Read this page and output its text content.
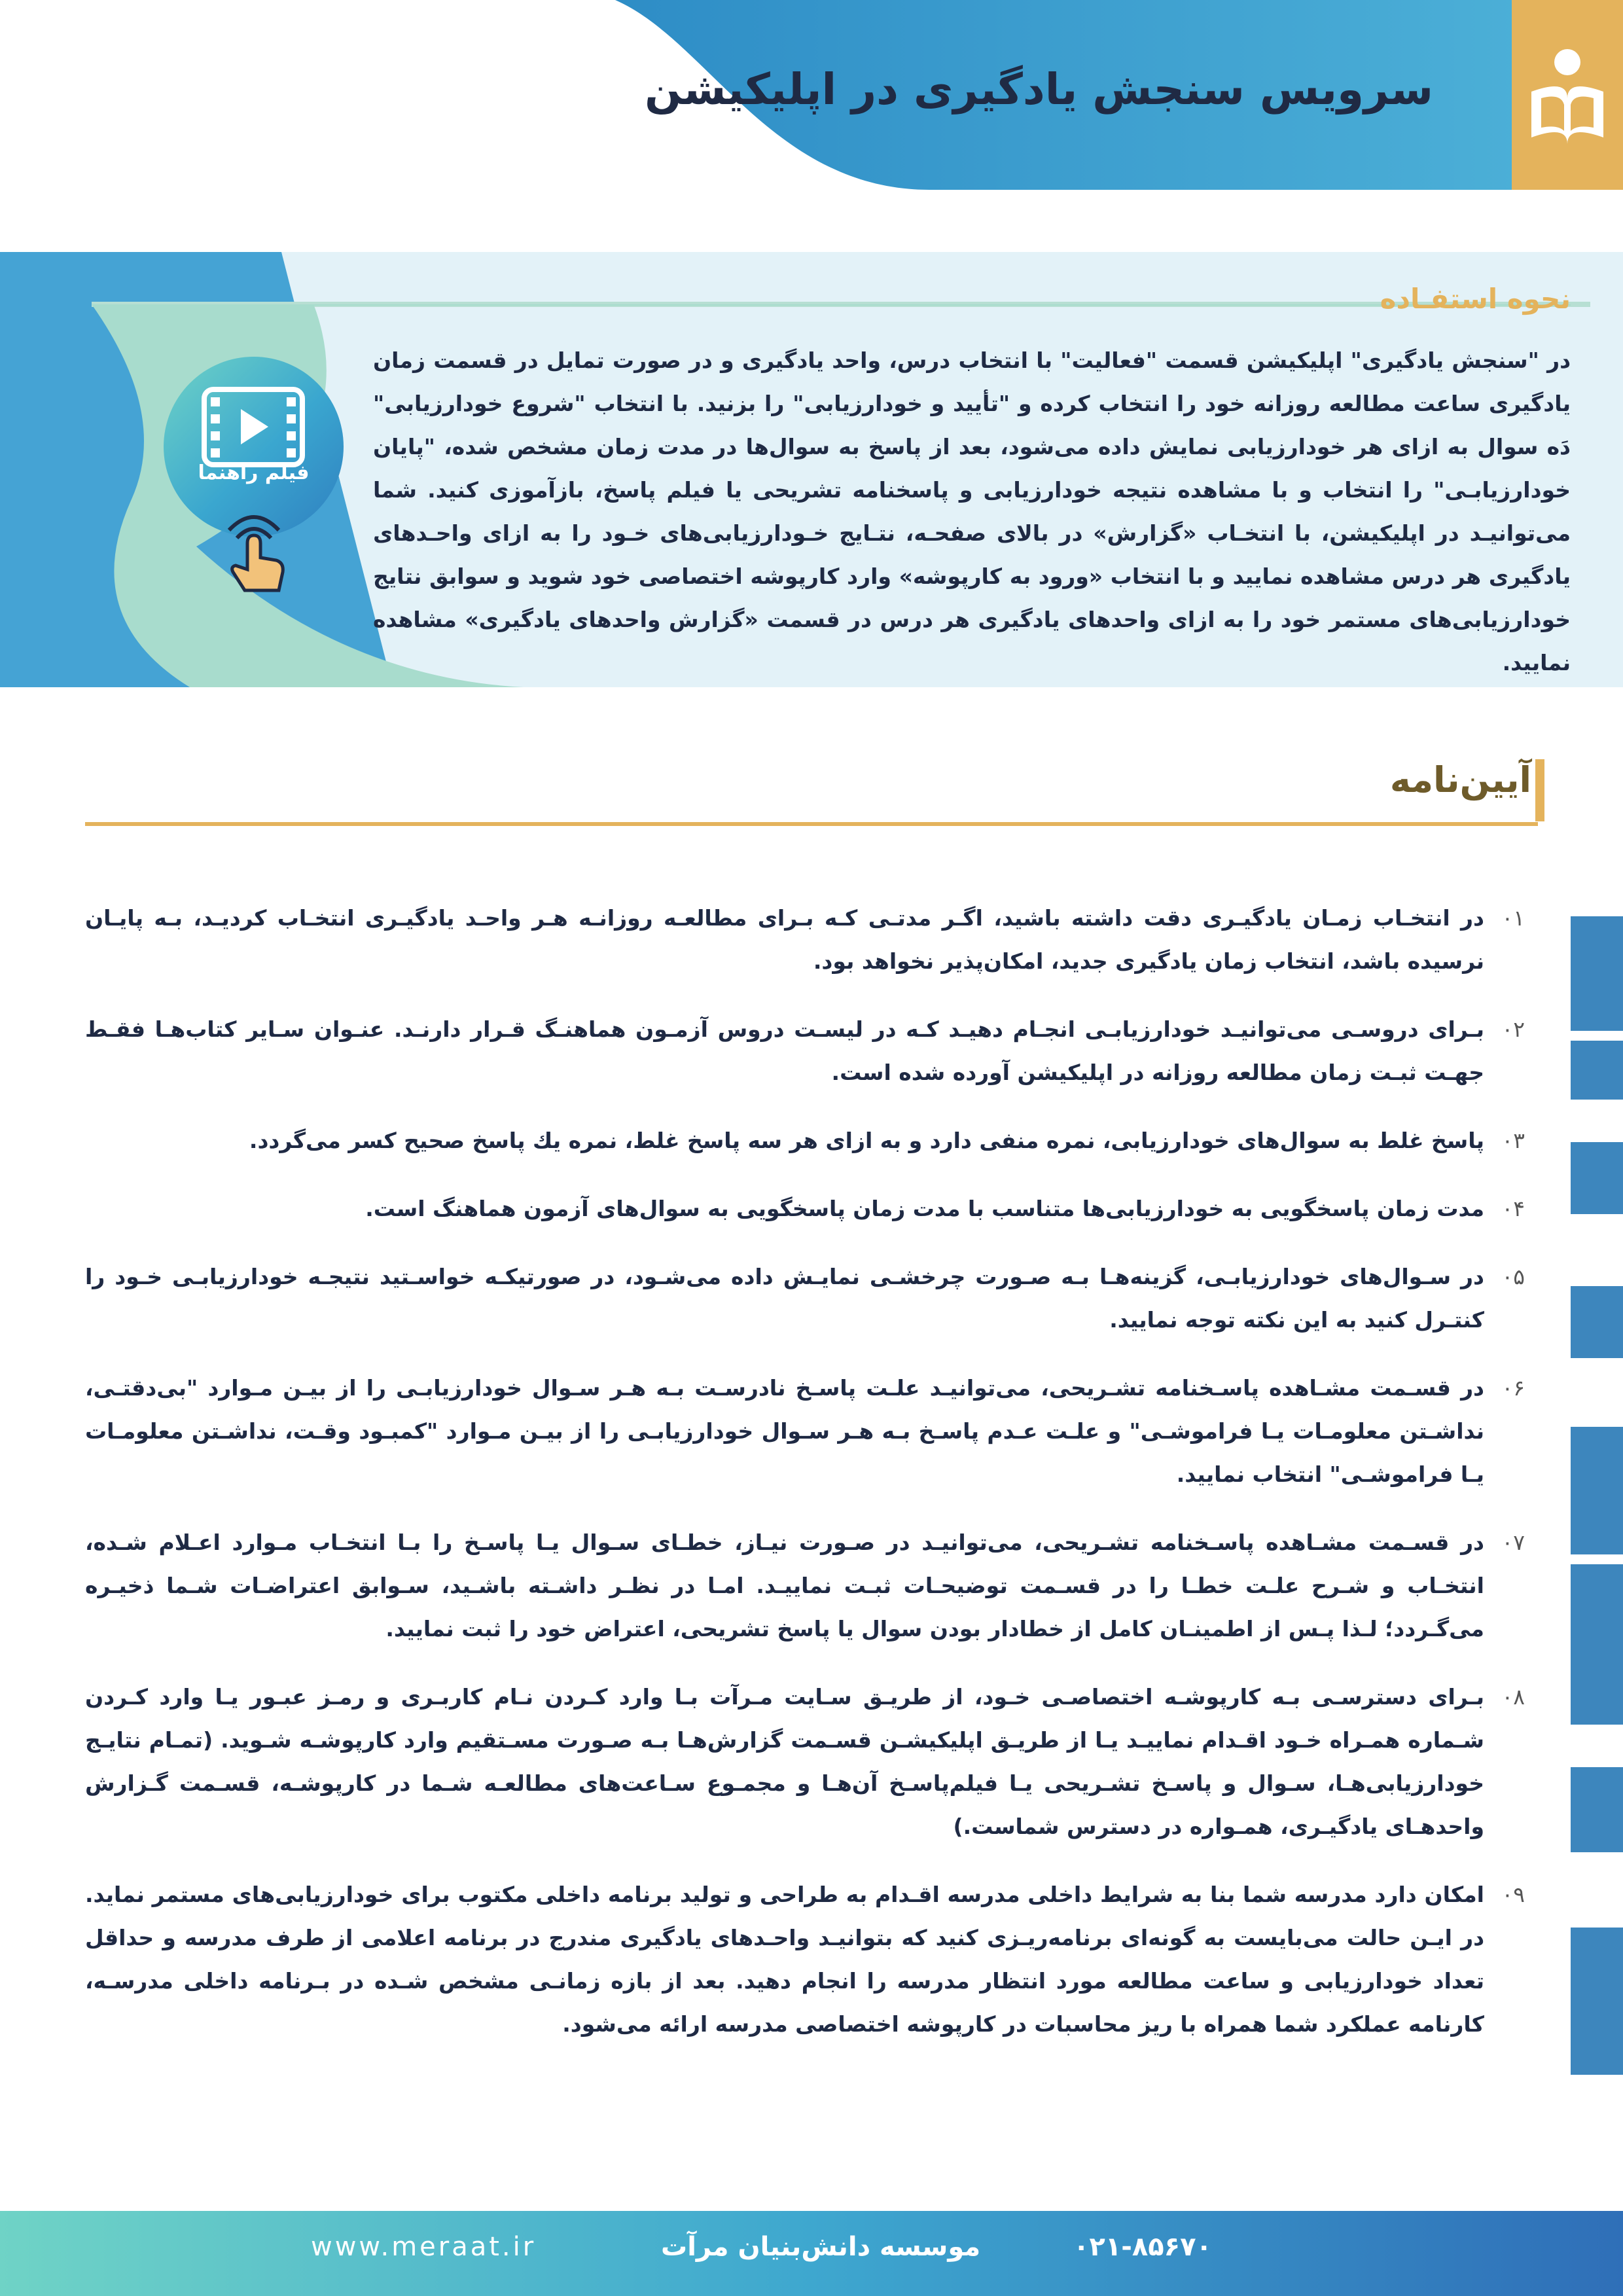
سرویس سنجش یادگیری در اپلیکیشن
نحوه استفـاده
در "سنجش یادگیری" اپلیکیشن قسمت "فعالیت" با انتخاب درس، واحد یادگیری و در صورت تمایل در قسمت زمان یادگیری ساعت مطالعه روزانه خود را انتخاب کرده و "تأیید و خودارزیابی" را بزنید. با انتخاب "شروع خودارزیابی" دَه سوال به ازای هر خودارزیابی نمایش داده می‌شود، بعد از پاسخ به سوال‌ها در مدت زمان مشخص شده، "پایان خودارزیابـی" را انتخاب و با مشاهده نتیجه خودارزیابی و پاسخنامه تشریحی یا فیلم پاسخ، بازآموزی کنید. شما می‌توانیـد در اپلیکیشن، با انتخـاب «گزارش» در بالای صفحـه، نتـایج خـودارزیابی‌های خـود را به ازای واحـدهای یادگیری هر درس مشاهده نمایید و با انتخاب «ورود به کارپوشه» وارد کارپوشه اختصاصی خود شوید و سوابق نتایج خودارزیابی‌های مستمر خود را به ازای واحدهای یادگیری هر درس در قسمت «گزارش واحدهای یادگیری» مشاهده نمایید.
فیلم راهنما
آیین‌نامه
۰۱
در انتخـاب زمـان یادگیـری دقت داشته باشید، اگـر مدتـی کـه بـرای مطالعـه روزانـه هـر واحـد یادگیـری انتخـاب کردیـد، بـه پایـان نرسیده باشد، انتخاب زمان یادگیری جدید، امکان‌پذیر نخواهد بود.
۰۲
بـرای دروسـی می‌توانیـد خودارزیابـی انجـام دهیـد کـه در لیسـت دروس آزمـون هماهنـگ قـرار دارنـد. عنـوان سـایر کتاب‌هـا فقـط جهـت ثبـت زمان مطالعه روزانه در اپلیکیشن آورده شده است.
۰۳
پاسخ غلط به سوال‌های خودارزیابی، نمره منفی دارد و به ازای هر سه پاسخ غلط، نمره یك پاسخ صحیح کسر می‌گردد.
۰۴
مدت زمان پاسخگویی به خودارزیابی‌ها متناسب با مدت زمان پاسخگویی به سوال‌های آزمون هماهنگ است.
۰۵
در سـوال‌های خودارزیابـی، گزینه‌هـا بـه صـورت چرخشـی نمایـش داده می‌شـود، در صورتیکـه خواسـتید نتیجـه خودارزیابـی خـود را کنتـرل کنید به این نکته توجه نمایید.
۰۶
در قسـمت مشـاهده پاسـخنامه تشـریحی، می‌توانیـد علـت پاسـخ نادرسـت بـه هـر سـوال خودارزیابـی را از بیـن مـوارد "بی‌دقتـی، نداشـتن معلومـات یـا فراموشـی" و علـت عـدم پاسـخ بـه هـر سـوال خودارزیابـی را از بیـن مـوارد "کمبـود وقـت، نداشـتن معلومـات یـا فراموشـی" انتخاب نمایید.
۰۷
در قسـمت مشـاهده پاسـخنامه تشـریحی، می‌توانیـد در صـورت نیـاز، خطـای سـوال یـا پاسـخ را بـا انتخـاب مـوارد اعـلام شـده، انتخـاب و شـرح علـت خطـا را در قسـمت توضیحـات ثبـت نماییـد. امـا در نظـر داشـته باشـید، سـوابق اعتراضـات شـما ذخیـره می‌گـردد؛ لـذا پـس از اطمینـان کامل از خطادار بودن سوال یا پاسخ تشریحی، اعتراض خود را ثبت نمایید.
۰۸
بـرای دسترسـی بـه کارپوشـه اختصاصـی خـود، از طریـق سـایت مـرآت بـا وارد کـردن نـام کاربـری و رمـز عبـور یـا وارد کـردن شـماره همـراه خـود اقـدام نماییـد یـا از طریـق اپلیکیشـن قسـمت گزارش‌هـا بـه صـورت مسـتقیم وارد کارپوشـه شـوید. (تمـام نتایـج خودارزیابی‌هـا، سـوال و پاسـخ تشـریحی یـا فیلم‌پاسـخ آن‌هـا و مجمـوع سـاعت‌های مطالعـه شـما در کارپوشـه، قسـمت گـزارش واحدهـای یادگیـری، همـواره در دسترس شماست.)
۰۹
امکان دارد مدرسه شما بنا به شرایط داخلی مدرسه اقـدام به طراحی و تولید برنامه داخلی مکتوب برای خودارزیابی‌های مستمر نماید. در ایـن حالت می‌بایست به گونه‌ای برنامه‌ریـزی کنید که بتوانیـد واحـدهای یادگیری مندرج در برنامه اعلامی از طرف مدرسه و حداقل تعداد خودارزیابی و ساعت مطالعه مورد انتظار مدرسه را انجام دهید. بعد از بازه زمانـی مشخص شـده در بـرنامه داخلی مدرسـه، کارنامه عملکرد شما همراه با ریز محاسبات در کارپوشه اختصاصی مدرسه ارائه می‌شود.
www.meraat.ir	موسسه دانش‌بنیان مرآت	۰۲۱-۸۵۶۷۰
